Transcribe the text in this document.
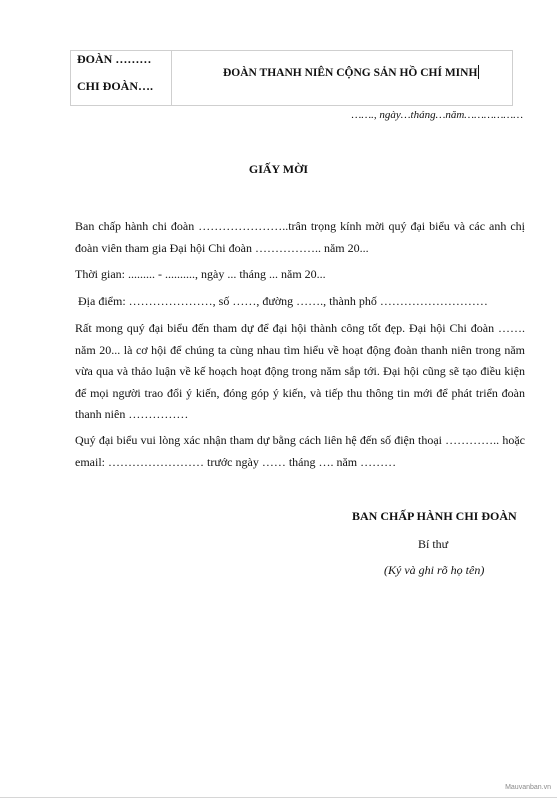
ĐOÀN ………
CHI ĐOÀN….
ĐOÀN THANH NIÊN CỘNG SẢN HỒ CHÍ MINH
……., ngày…tháng…năm………………
GIẤY MỜI
Ban chấp hành chi đoàn …………………..trân trọng kính mời quý đại biểu và các anh chị đoàn viên tham gia Đại hội Chi đoàn …………….. năm 20...
Thời gian: ......... - .........., ngày ... tháng ... năm 20...
Địa điểm: …………………, số ……, đường ……., thành phố ………………………
Rất mong quý đại biểu đến tham dự để đại hội thành công tốt đẹp. Đại hội Chi đoàn ……. năm 20... là cơ hội để chúng ta cùng nhau tìm hiểu về hoạt động đoàn thanh niên trong năm vừa qua và thảo luận về kế hoạch hoạt động trong năm sắp tới. Đại hội cũng sẽ tạo điều kiện để mọi người trao đổi ý kiến, đóng góp ý kiến, và tiếp thu thông tin mới để phát triển đoàn thanh niên ……………
Quý đại biểu vui lòng xác nhận tham dự bằng cách liên hệ đến số điện thoại ………….. hoặc email: …………………… trước ngày …… tháng …. năm ………
BAN CHẤP HÀNH CHI ĐOÀN
Bí thư
(Ký và ghi rõ họ tên)
Mauvanban.vn
